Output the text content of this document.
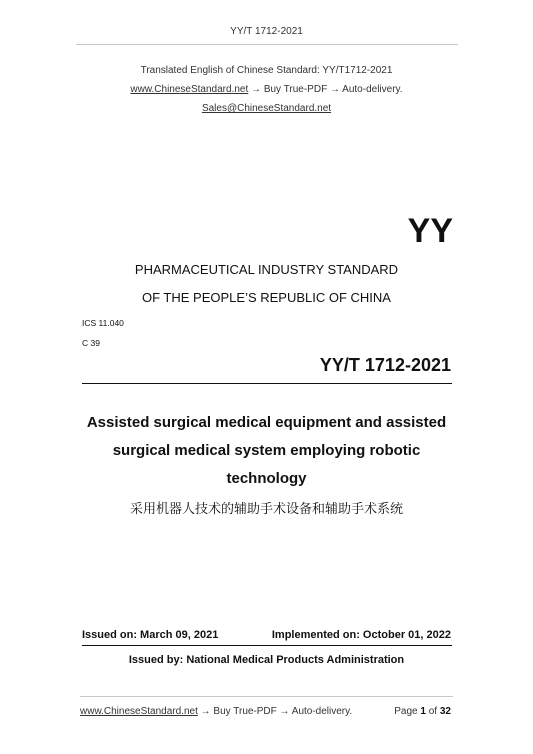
YY/T 1712-2021
Translated English of Chinese Standard: YY/T1712-2021
www.ChineseStandard.net → Buy True-PDF → Auto-delivery.
Sales@ChineseStandard.net
YY
PHARMACEUTICAL INDUSTRY STANDARD
OF THE PEOPLE’S REPUBLIC OF CHINA
ICS 11.040
C 39
YY/T 1712-2021
Assisted surgical medical equipment and assisted
surgical medical system employing robotic
technology
采用机器人技术的辅助手术设备和辅助手术系统
Issued on: March 09, 2021	Implemented on: October 01, 2022
Issued by: National Medical Products Administration
www.ChineseStandard.net → Buy True-PDF → Auto-delivery.	Page 1 of 32
